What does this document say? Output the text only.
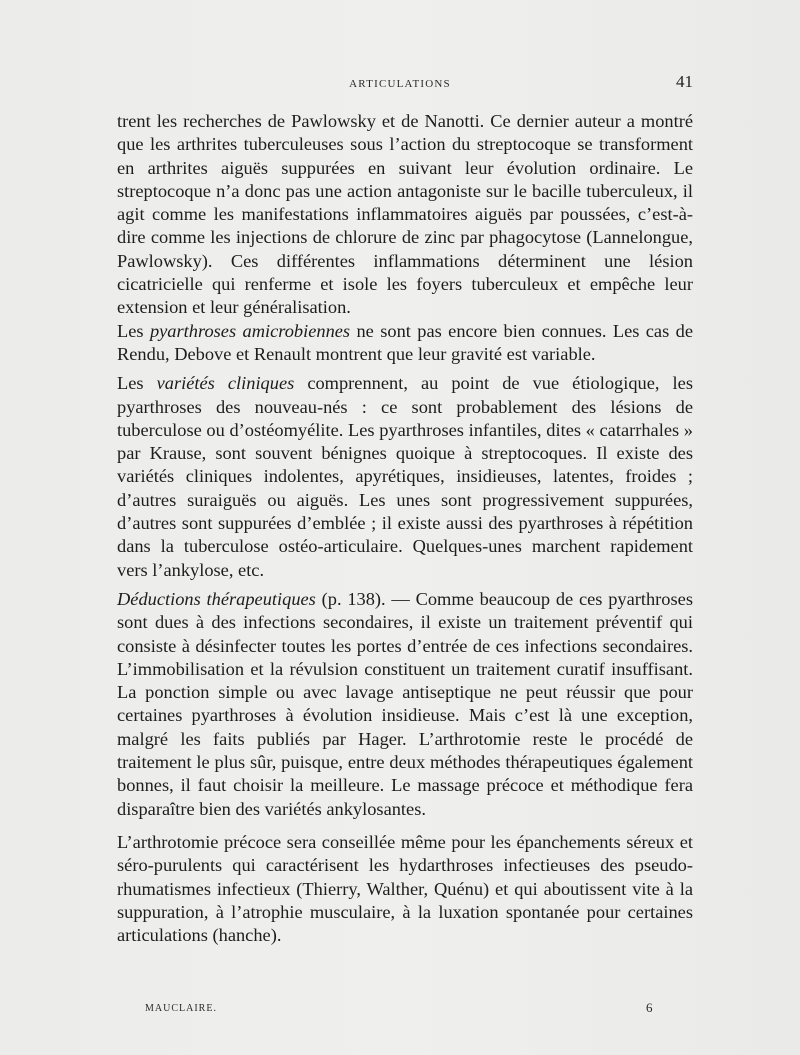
ARTICULATIONS	41

trent les recherches de Pawlowsky et de Nanotti. Ce dernier auteur a montré que les arthrites tuberculeuses sous l’action du streptocoque se transforment en arthrites aiguës suppurées en suivant leur évolution ordinaire. Le streptocoque n’a donc pas une action antagoniste sur le bacille tuberculeux, il agit comme les manifestations inflammatoires aiguës par poussées, c’est-à-dire comme les injections de chlorure de zinc par phagocytose (Lannelongue, Pawlowsky). Ces différentes inflammations déterminent une lésion cicatricielle qui renferme et isole les foyers tuberculeux et empêche leur extension et leur généralisation.

Les pyarthroses amicrobiennes ne sont pas encore bien connues. Les cas de Rendu, Debove et Renault montrent que leur gravité est variable.

Les variétés cliniques comprennent, au point de vue étiologique, les pyarthroses des nouveau-nés : ce sont probablement des lésions de tuberculose ou d’ostéomyélite. Les pyarthroses infantiles, dites « catarrhales » par Krause, sont souvent bénignes quoique à streptocoques. Il existe des variétés cliniques indolentes, apyrétiques, insidieuses, latentes, froides ; d’autres suraiguës ou aiguës. Les unes sont progressivement suppurées, d’autres sont suppurées d’emblée ; il existe aussi des pyarthroses à répétition dans la tuberculose ostéo-articulaire. Quelques-unes marchent rapidement vers l’ankylose, etc.

Déductions thérapeutiques (p. 138). — Comme beaucoup de ces pyarthroses sont dues à des infections secondaires, il existe un traitement préventif qui consiste à désinfecter toutes les portes d’entrée de ces infections secondaires. L’immobilisation et la révulsion constituent un traitement curatif insuffisant. La ponction simple ou avec lavage antiseptique ne peut réussir que pour certaines pyarthroses à évolution insidieuse. Mais c’est là une exception, malgré les faits publiés par Hager. L’arthrotomie reste le procédé de traitement le plus sûr, puisque, entre deux méthodes thérapeutiques également bonnes, il faut choisir la meilleure. Le massage précoce et méthodique fera disparaître bien des variétés ankylosantes.

L’arthrotomie précoce sera conseillée même pour les épanchements séreux et séro-purulents qui caractérisent les hydarthroses infectieuses des pseudo-rhumatismes infectieux (Thierry, Walther, Quénu) et qui aboutissent vite à la suppuration, à l’atrophie musculaire, à la luxation spontanée pour certaines articulations (hanche).

MAUCLAIRE.	6
